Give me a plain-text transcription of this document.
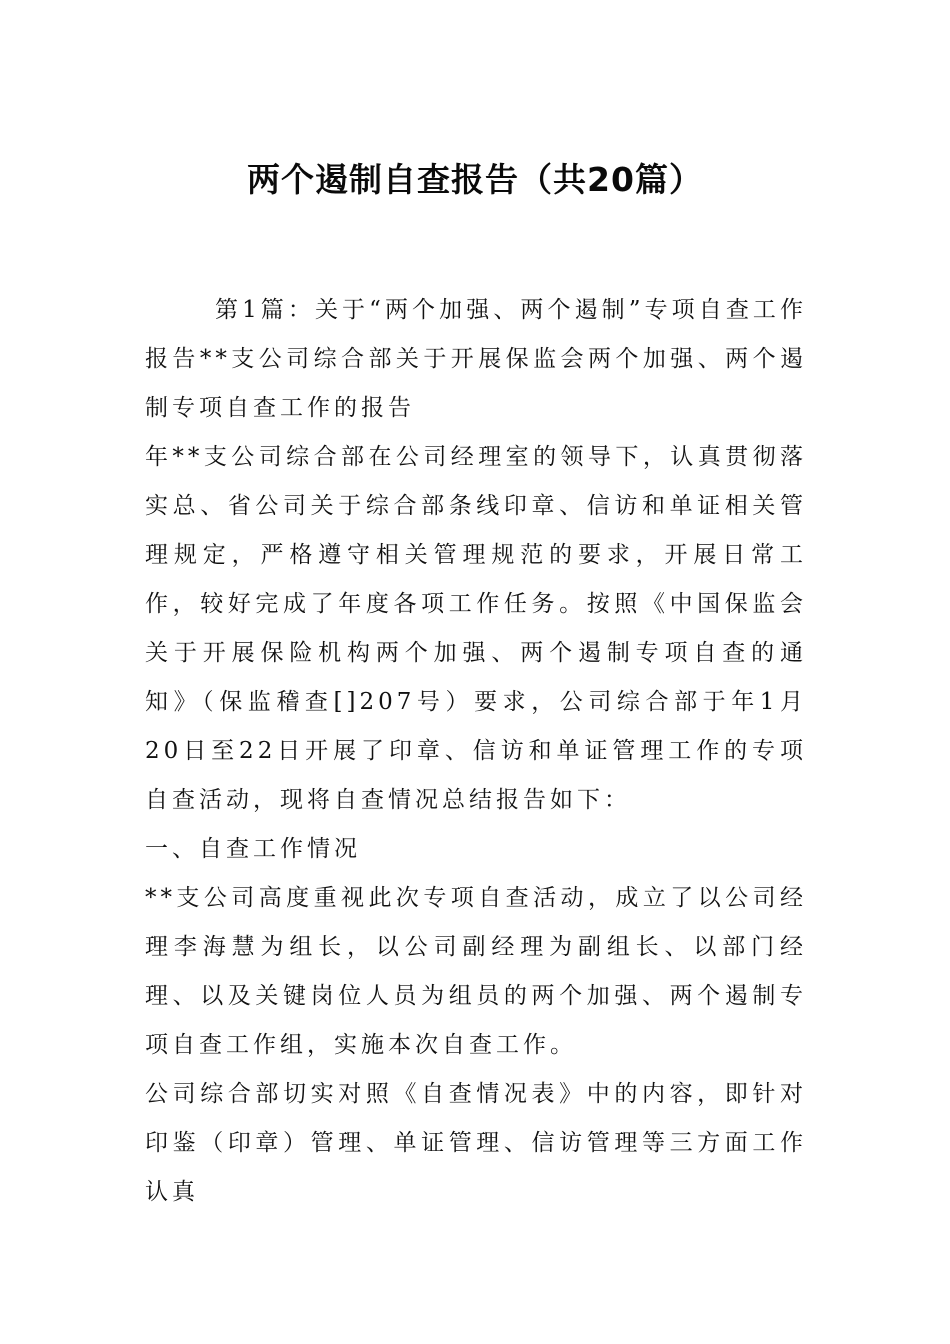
两个遏制自查报告（共20篇）

第1篇：关于“两个加强、两个遏制”专项自查工作报告**支公司综合部关于开展保监会两个加强、两个遏制专项自查工作的报告

年**支公司综合部在公司经理室的领导下，认真贯彻落实总、省公司关于综合部条线印章、信访和单证相关管理规定，严格遵守相关管理规范的要求，开展日常工作，较好完成了年度各项工作任务。按照《中国保监会关于开展保险机构两个加强、两个遏制专项自查的通知》（保监稽查[]207号）要求，公司综合部于年1月20日至22日开展了印章、信访和单证管理工作的专项自查活动，现将自查情况总结报告如下：

一、自查工作情况

**支公司高度重视此次专项自查活动，成立了以公司经理李海慧为组长，以公司副经理为副组长、以部门经理、以及关键岗位人员为组员的两个加强、两个遏制专项自查工作组，实施本次自查工作。

公司综合部切实对照《自查情况表》中的内容，即针对印鉴（印章）管理、单证管理、信访管理等三方面工作认真
